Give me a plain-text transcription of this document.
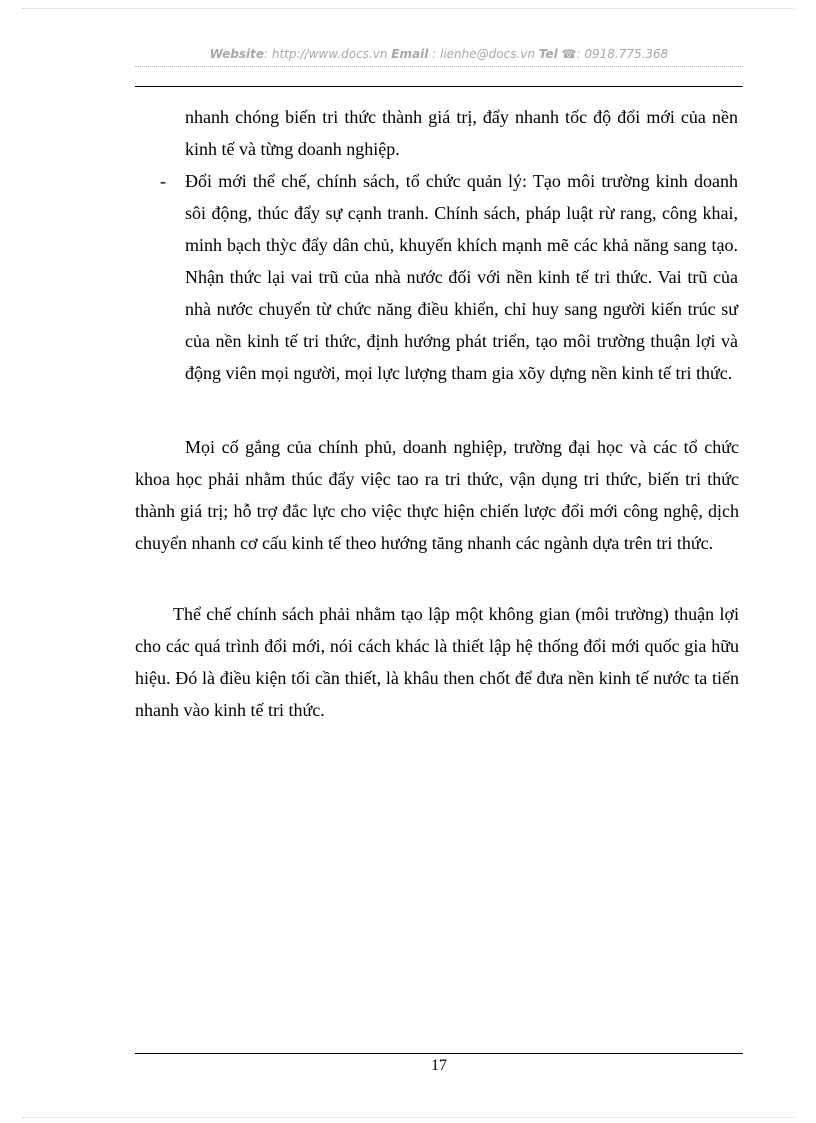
Website: http://www.docs.vn Email : lienhe@docs.vn Tel ☎: 0918.775.368

nhanh chóng biến tri thức thành giá trị, đẩy nhanh tốc độ đổi mới của nền kinh tế và từng doanh nghiệp.

- Đổi mới thể chế, chính sách, tổ chức quản lý: Tạo môi trường kinh doanh sôi động, thúc đẩy sự cạnh tranh. Chính sách, pháp luật rừ rang, công khai, minh bạch thỳc đẩy dân chủ, khuyến khích mạnh mẽ các khả năng sang tạo. Nhận thức lại vai trũ của nhà nước đối với nền kinh tế tri thức. Vai trũ của nhà nước chuyển từ chức năng điều khiển, chỉ huy sang người kiến trúc sư của nền kinh tế tri thức, định hướng phát triển, tạo môi trường thuận lợi và động viên mọi người, mọi lực lượng tham gia xõy dựng nền kinh tế tri thức.

Mọi cố gắng của chính phủ, doanh nghiệp, trường đại học và các tổ chức khoa học phải nhằm thúc đẩy việc tao ra tri thức, vận dụng tri thức, biến tri thức thành giá trị; hỗ trợ đắc lực cho việc thực hiện chiến lược đổi mới công nghệ, dịch chuyển nhanh cơ cấu kinh tế theo hướng tăng nhanh các ngành dựa trên tri thức.

Thể chế chính sách phải nhằm tạo lập một không gian (môi trường) thuận lợi cho các quá trình đổi mới, nói cách khác là thiết lập hệ thống đổi mới quốc gia hữu hiệu. Đó là điều kiện tối cần thiết, là khâu then chốt để đưa nền kinh tế nước ta tiến nhanh vào kinh tế tri thức.

17
